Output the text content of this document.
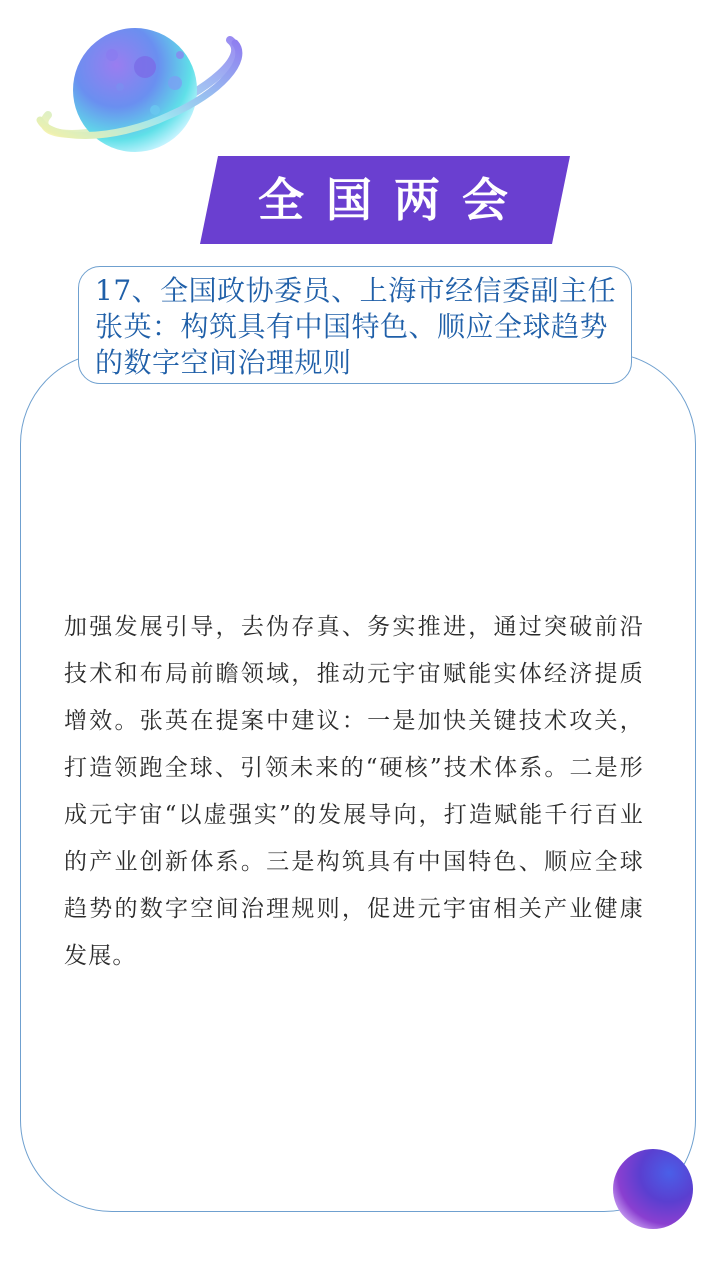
全国两会
17、全国政协委员、上海市经信委副主任张英：构筑具有中国特色、顺应全球趋势的数字空间治理规则
加强发展引导，去伪存真、务实推进，通过突破前沿技术和布局前瞻领域，推动元宇宙赋能实体经济提质增效。张英在提案中建议：一是加快关键技术攻关，打造领跑全球、引领未来的“硬核”技术体系。二是形成元宇宙“以虚强实”的发展导向，打造赋能千行百业的产业创新体系。三是构筑具有中国特色、顺应全球趋势的数字空间治理规则，促进元宇宙相关产业健康发展。
